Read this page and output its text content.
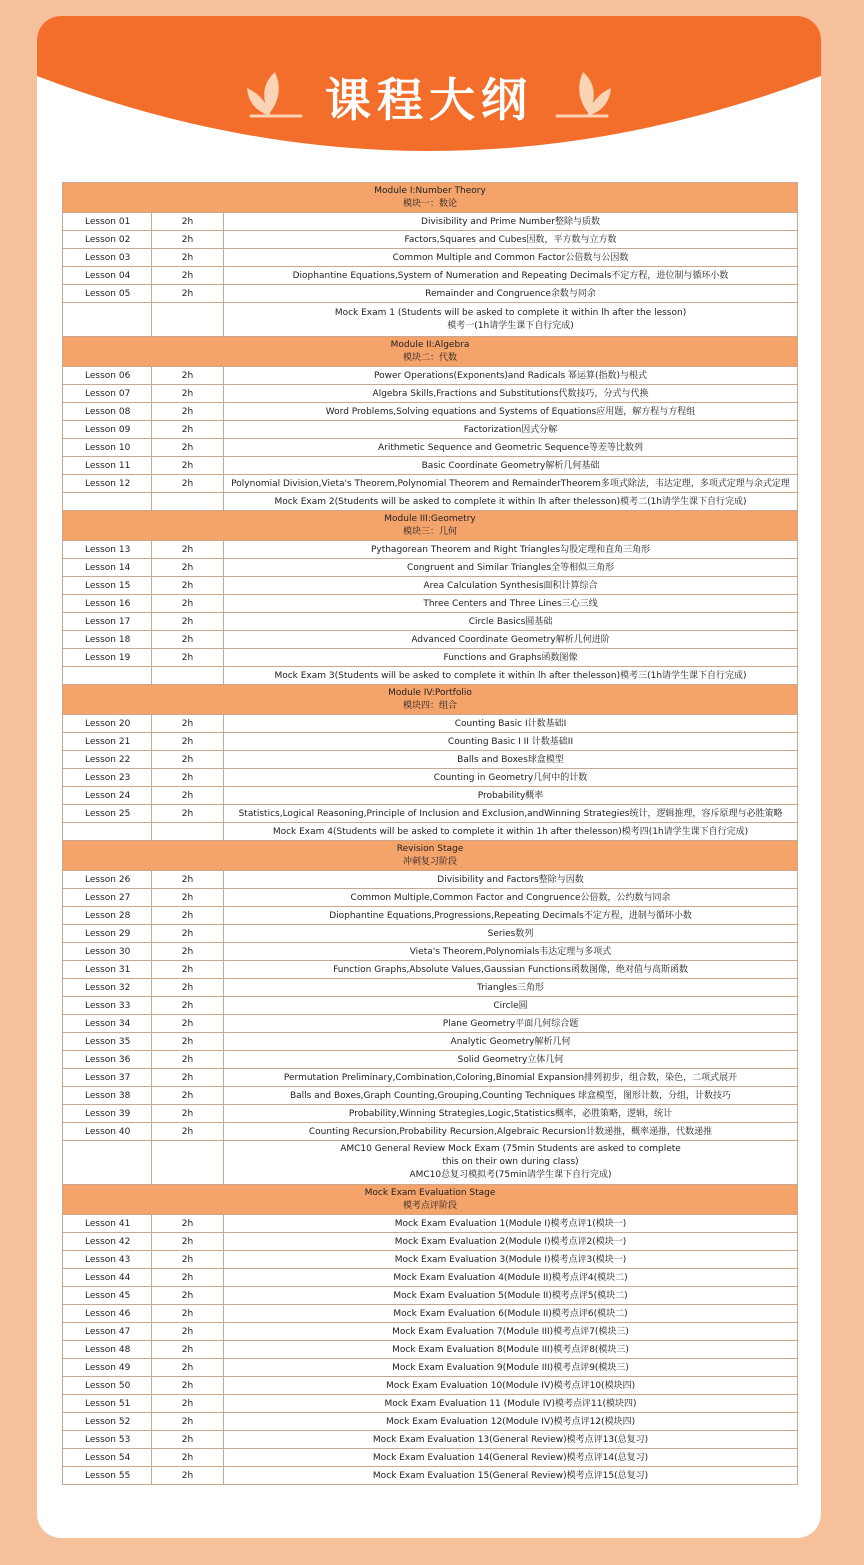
课程大纲
Module I:Number Theory
模块一：数论		
Lesson 01	2h	Divisibility and Prime Number整除与质数
Lesson 02	2h	Factors,Squares and Cubes因数，平方数与立方数
Lesson 03	2h	Common Multiple and Common Factor公倍数与公因数
Lesson 04	2h	Diophantine Equations,System of Numeration and Repeating Decimals不定方程，进位制与循环小数
Lesson 05	2h	Remainder and Congruence余数与同余
		Mock Exam 1 (Students will be asked to complete it within lh after the lesson)
模考一(1h请学生课下自行完成)
Module II:Algebra
模块二：代数		
Lesson 06	2h	Power Operations(Exponents)and Radicals 幂运算(指数)与根式
Lesson 07	2h	Algebra Skills,Fractions and Substitutions代数技巧，分式与代换
Lesson 08	2h	Word Problems,Solving equations and Systems of Equations应用题，解方程与方程组
Lesson 09	2h	Factorization因式分解
Lesson 10	2h	Arithmetic Sequence and Geometric Sequence等差等比数列
Lesson 11	2h	Basic Coordinate Geometry解析几何基础
Lesson 12	2h	Polynomial Division,Vieta's Theorem,Polynomial Theorem and RemainderTheorem多项式除法，韦达定理，多项式定理与余式定理
		Mock Exam 2(Students will be asked to complete it within lh after thelesson)模考二(1h请学生课下自行完成)
Module III:Geometry
模块三：几何		
Lesson 13	2h	Pythagorean Theorem and Right Triangles勾股定理和直角三角形
Lesson 14	2h	Congruent and Similar Triangles全等相似三角形
Lesson 15	2h	Area Calculation Synthesis面积计算综合
Lesson 16	2h	Three Centers and Three Lines三心三线
Lesson 17	2h	Circle Basics圆基础
Lesson 18	2h	Advanced Coordinate Geometry解析几何进阶
Lesson 19	2h	Functions and Graphs函数图像
		Mock Exam 3(Students will be asked to complete it within lh after thelesson)模考三(1h请学生课下自行完成)
Module IV:Portfolio
模块四：组合		
Lesson 20	2h	Counting Basic I计数基础I
Lesson 21	2h	Counting Basic I II 计数基础II
Lesson 22	2h	Balls and Boxes球盒模型
Lesson 23	2h	Counting in Geometry几何中的计数
Lesson 24	2h	Probability概率
Lesson 25	2h	Statistics,Logical Reasoning,Principle of Inclusion and Exclusion,andWinning Strategies统计，逻辑推理，容斥原理与必胜策略
		Mock Exam 4(Students will be asked to complete it within 1h after thelesson)模考四(1h请学生课下自行完成)
Revision Stage
冲刺复习阶段		
Lesson 26	2h	Divisibility and Factors整除与因数
Lesson 27	2h	Common Multiple,Common Factor and Congruence公倍数，公约数与同余
Lesson 28	2h	Diophantine Equations,Progressions,Repeating Decimals不定方程，进制与循环小数
Lesson 29	2h	Series数列
Lesson 30	2h	Vieta's Theorem,Polynomials韦达定理与多项式
Lesson 31	2h	Function Graphs,Absolute Values,Gaussian Functions函数图像，绝对值与高斯函数
Lesson 32	2h	Triangles三角形
Lesson 33	2h	Circle圆
Lesson 34	2h	Plane Geometry平面几何综合题
Lesson 35	2h	Analytic Geometry解析几何
Lesson 36	2h	Solid Geometry立体几何
Lesson 37	2h	Permutation Preliminary,Combination,Coloring,Binomial Expansion排列初步，组合数，染色，二项式展开
Lesson 38	2h	Balls and Boxes,Graph Counting,Grouping,Counting Techniques 球盒模型，图形计数，分组，计数技巧
Lesson 39	2h	Probability,Winning Strategies,Logic,Statistics概率，必胜策略，逻辑，统计
Lesson 40	2h	Counting Recursion,Probability Recursion,Algebraic Recursion计数递推，概率递推，代数递推
		AMC10 General Review Mock Exam (75min Students are asked to complete
this on their own during class)
AMC10总复习模拟考(75min请学生课下自行完成)
Mock Exam Evaluation Stage
模考点评阶段		
Lesson 41	2h	Mock Exam Evaluation 1(Module I)模考点评1(模块一)
Lesson 42	2h	Mock Exam Evaluation 2(Module I)模考点评2(模块一)
Lesson 43	2h	Mock Exam Evaluation 3(Module I)模考点评3(模块一)
Lesson 44	2h	Mock Exam Evaluation 4(Module II)模考点评4(模块二)
Lesson 45	2h	Mock Exam Evaluation 5(Module II)模考点评5(模块二)
Lesson 46	2h	Mock Exam Evaluation 6(Module II)模考点评6(模块二)
Lesson 47	2h	Mock Exam Evaluation 7(Module III)模考点评7(模块三)
Lesson 48	2h	Mock Exam Evaluation 8(Module III)模考点评8(模块三)
Lesson 49	2h	Mock Exam Evaluation 9(Module III)模考点评9(模块三)
Lesson 50	2h	Mock Exam Evaluation 10(Module IV)模考点评10(模块四)
Lesson 51	2h	Mock Exam Evaluation 11 (Module IV)模考点评11(模块四)
Lesson 52	2h	Mock Exam Evaluation 12(Module IV)模考点评12(模块四)
Lesson 53	2h	Mock Exam Evaluation 13(General Review)模考点评13(总复习)
Lesson 54	2h	Mock Exam Evaluation 14(General Review)模考点评14(总复习)
Lesson 55	2h	Mock Exam Evaluation 15(General Review)模考点评15(总复习)
